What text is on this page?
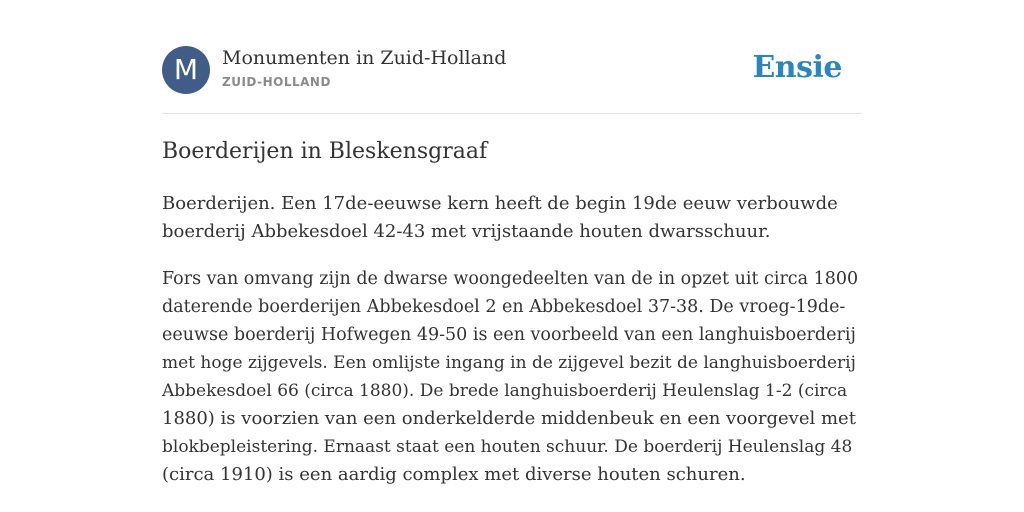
M	Monumenten in Zuid-Holland
ZUID-HOLLAND	Ensie
Boerderijen in Bleskensgraaf

Boerderijen. Een 17de-eeuwse kern heeft de begin 19de eeuw verbouwde
boerderij Abbekesdoel 42-43 met vrijstaande houten dwarsschuur.

Fors van omvang zijn de dwarse woongedeelten van de in opzet uit circa 1800
daterende boerderijen Abbekesdoel 2 en Abbekesdoel 37-38. De vroeg-19de-
eeuwse boerderij Hofwegen 49-50 is een voorbeeld van een langhuisboerderij
met hoge zijgevels. Een omlijste ingang in de zijgevel bezit de langhuisboerderij
Abbekesdoel 66 (circa 1880). De brede langhuisboerderij Heulenslag 1-2 (circa
1880) is voorzien van een onderkelderde middenbeuk en een voorgevel met
blokbepleistering. Ernaast staat een houten schuur. De boerderij Heulenslag 48
(circa 1910) is een aardig complex met diverse houten schuren.
